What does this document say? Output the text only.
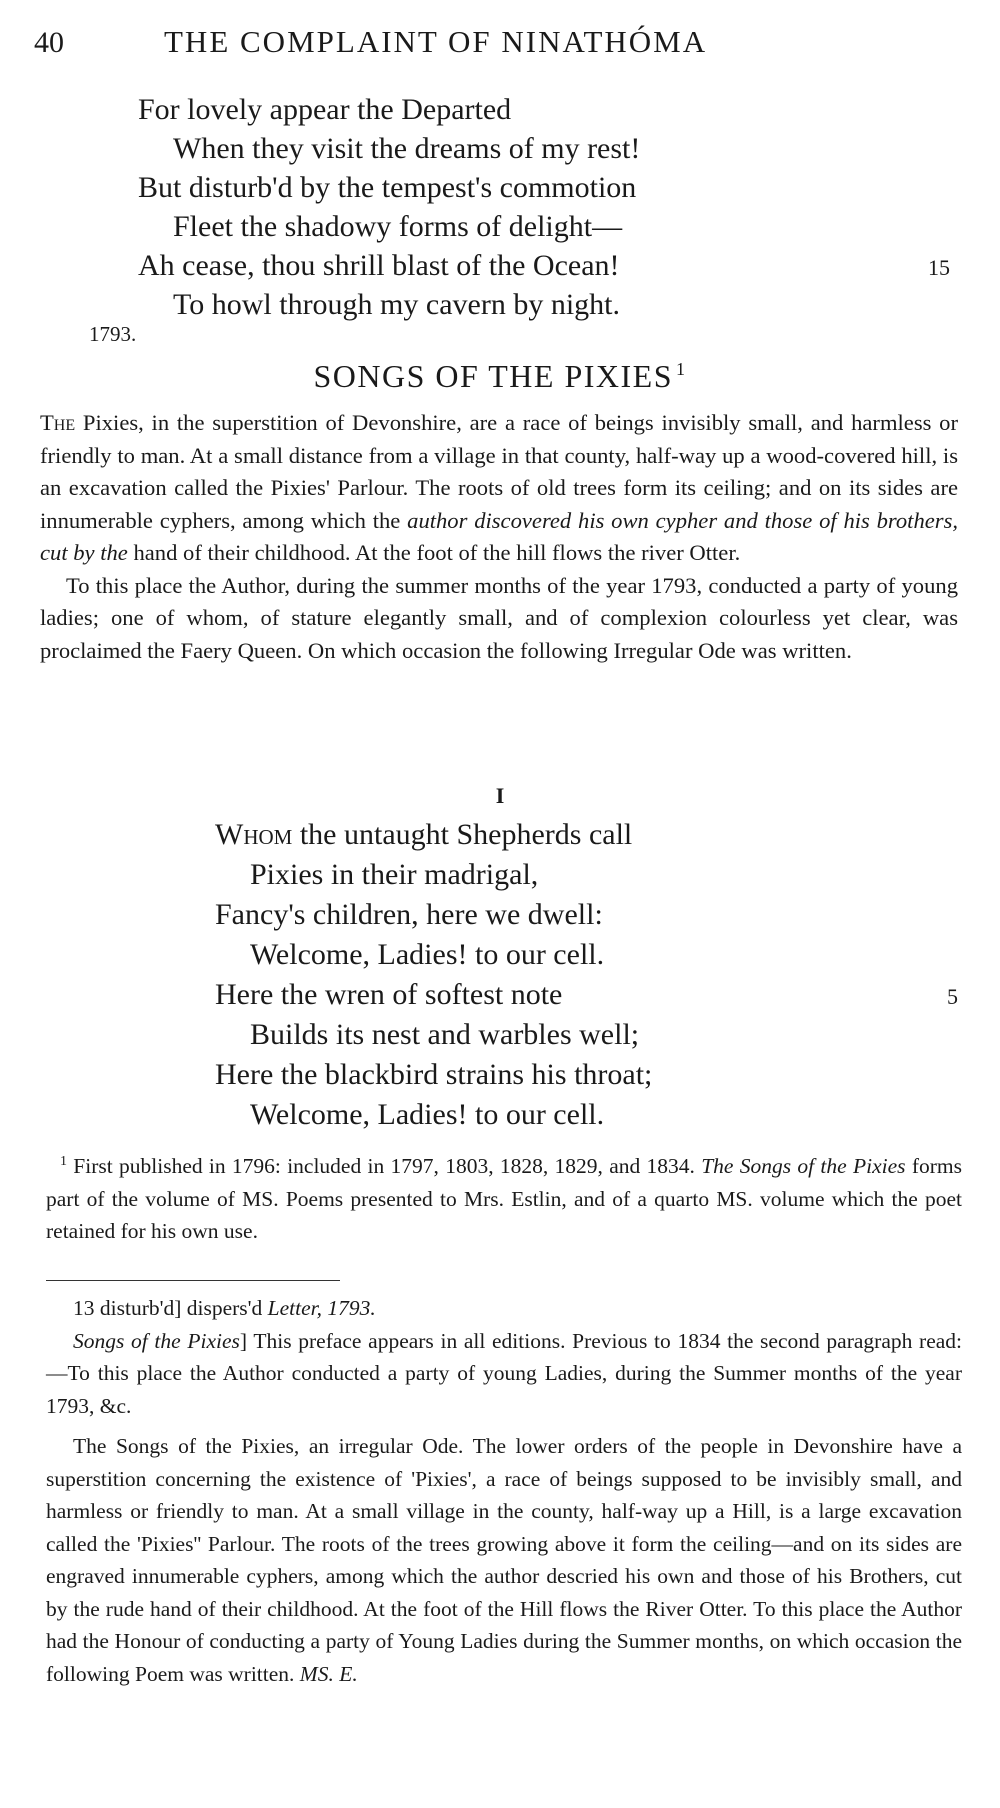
40	THE COMPLAINT OF NINATHÓMA
For lovely appear the Departed
When they visit the dreams of my rest!
But disturb'd by the tempest's commotion
Fleet the shadowy forms of delight—
Ah cease, thou shrill blast of the Ocean!	15
To howl through my cavern by night.
1793.
SONGS OF THE PIXIES $^1$

The Pixies, in the superstition of Devonshire, are a race of beings invisibly small, and harmless or friendly to man. At a small distance from a village in that county, half-way up a wood-covered hill, is an excavation called the Pixies' Parlour. The roots of old trees form its ceiling; and on its sides are innumerable cyphers, among which the author discovered his own cypher and those of his brothers, cut by the hand of their childhood. At the foot of the hill flows the river Otter.

To this place the Author, during the summer months of the year 1793, conducted a party of young ladies; one of whom, of stature elegantly small, and of complexion colourless yet clear, was proclaimed the Faery Queen. On which occasion the following Irregular Ode was written.

I
Whom the untaught Shepherds call
Pixies in their madrigal,
Fancy's children, here we dwell:
Welcome, Ladies! to our cell.
Here the wren of softest note	5
Builds its nest and warbles well;
Here the blackbird strains his throat;
Welcome, Ladies! to our cell.

$^1$ First published in 1796: included in 1797, 1803, 1828, 1829, and 1834. The Songs of the Pixies forms part of the volume of MS. Poems presented to Mrs. Estlin, and of a quarto MS. volume which the poet retained for his own use.

13 disturb'd] dispers'd Letter, 1793.

Songs of the Pixies] This preface appears in all editions. Previous to 1834 the second paragraph read:—To this place the Author conducted a party of young Ladies, during the Summer months of the year 1793, &c.

The Songs of the Pixies, an irregular Ode. The lower orders of the people in Devonshire have a superstition concerning the existence of 'Pixies', a race of beings supposed to be invisibly small, and harmless or friendly to man. At a small village in the county, half-way up a Hill, is a large excavation called the 'Pixies'' Parlour. The roots of the trees growing above it form the ceiling—and on its sides are engraved innumerable cyphers, among which the author descried his own and those of his Brothers, cut by the rude hand of their childhood. At the foot of the Hill flows the River Otter. To this place the Author had the Honour of conducting a party of Young Ladies during the Summer months, on which occasion the following Poem was written. MS. E.
